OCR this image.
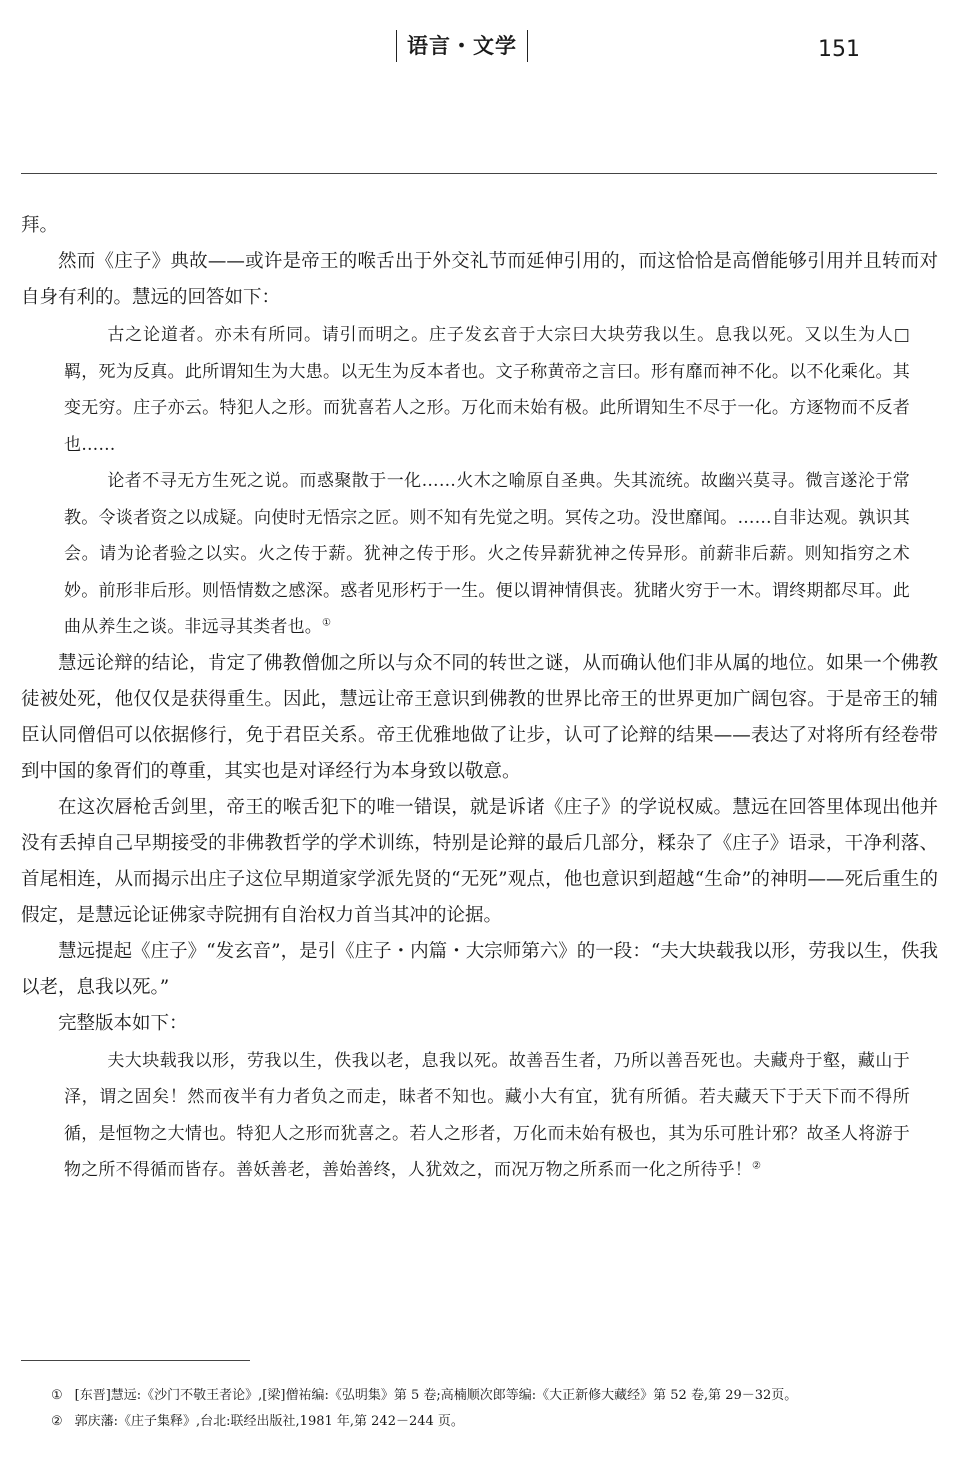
语言・文学	151

拜。

然而《庄子》典故——或许是帝王的喉舌出于外交礼节而延伸引用的，而这恰恰是高僧能够引用并且转而对自身有利的。慧远的回答如下：

古之论道者。亦未有所同。请引而明之。庄子发玄音于大宗曰大块劳我以生。息我以死。又以生为人□羁，死为反真。此所谓知生为大患。以无生为反本者也。文子称黄帝之言曰。形有靡而神不化。以不化乘化。其变无穷。庄子亦云。特犯人之形。而犹喜若人之形。万化而未始有极。此所谓知生不尽于一化。方逐物而不反者也……

论者不寻无方生死之说。而惑聚散于一化……火木之喻原自圣典。失其流统。故幽兴莫寻。微言遂沦于常教。令谈者资之以成疑。向使时无悟宗之匠。则不知有先觉之明。冥传之功。没世靡闻。……自非达观。孰识其会。请为论者验之以实。火之传于薪。犹神之传于形。火之传异薪犹神之传异形。前薪非后薪。则知指穷之术妙。前形非后形。则悟情数之感深。惑者见形朽于一生。便以谓神情俱丧。犹睹火穷于一木。谓终期都尽耳。此曲从养生之谈。非远寻其类者也。①

慧远论辩的结论，肯定了佛教僧伽之所以与众不同的转世之谜，从而确认他们非从属的地位。如果一个佛教徒被处死，他仅仅是获得重生。因此，慧远让帝王意识到佛教的世界比帝王的世界更加广阔包容。于是帝王的辅臣认同僧侣可以依据修行，免于君臣关系。帝王优雅地做了让步，认可了论辩的结果——表达了对将所有经卷带到中国的象胥们的尊重，其实也是对译经行为本身致以敬意。

在这次唇枪舌剑里，帝王的喉舌犯下的唯一错误，就是诉诸《庄子》的学说权威。慧远在回答里体现出他并没有丢掉自己早期接受的非佛教哲学的学术训练，特别是论辩的最后几部分，糅杂了《庄子》语录，干净利落、首尾相连，从而揭示出庄子这位早期道家学派先贤的“无死”观点，他也意识到超越“生命”的神明——死后重生的假定，是慧远论证佛家寺院拥有自治权力首当其冲的论据。

慧远提起《庄子》“发玄音”，是引《庄子・内篇・大宗师第六》的一段：“夫大块载我以形，劳我以生，佚我以老，息我以死。”

完整版本如下：

夫大块载我以形，劳我以生，佚我以老，息我以死。故善吾生者，乃所以善吾死也。夫藏舟于壑，藏山于泽，谓之固矣！然而夜半有力者负之而走，昧者不知也。藏小大有宜，犹有所循。若夫藏天下于天下而不得所循，是恒物之大情也。特犯人之形而犹喜之。若人之形者，万化而未始有极也，其为乐可胜计邪？故圣人将游于物之所不得循而皆存。善妖善老，善始善终，人犹效之，而况万物之所系而一化之所待乎！②

① [东晋]慧远:《沙门不敬王者论》,[梁]僧祐编:《弘明集》第 5 卷;高楠顺次郎等编:《大正新修大藏经》第 52 卷,第 29－32页。
② 郭庆藩:《庄子集释》,台北:联经出版社,1981 年,第 242－244 页。
